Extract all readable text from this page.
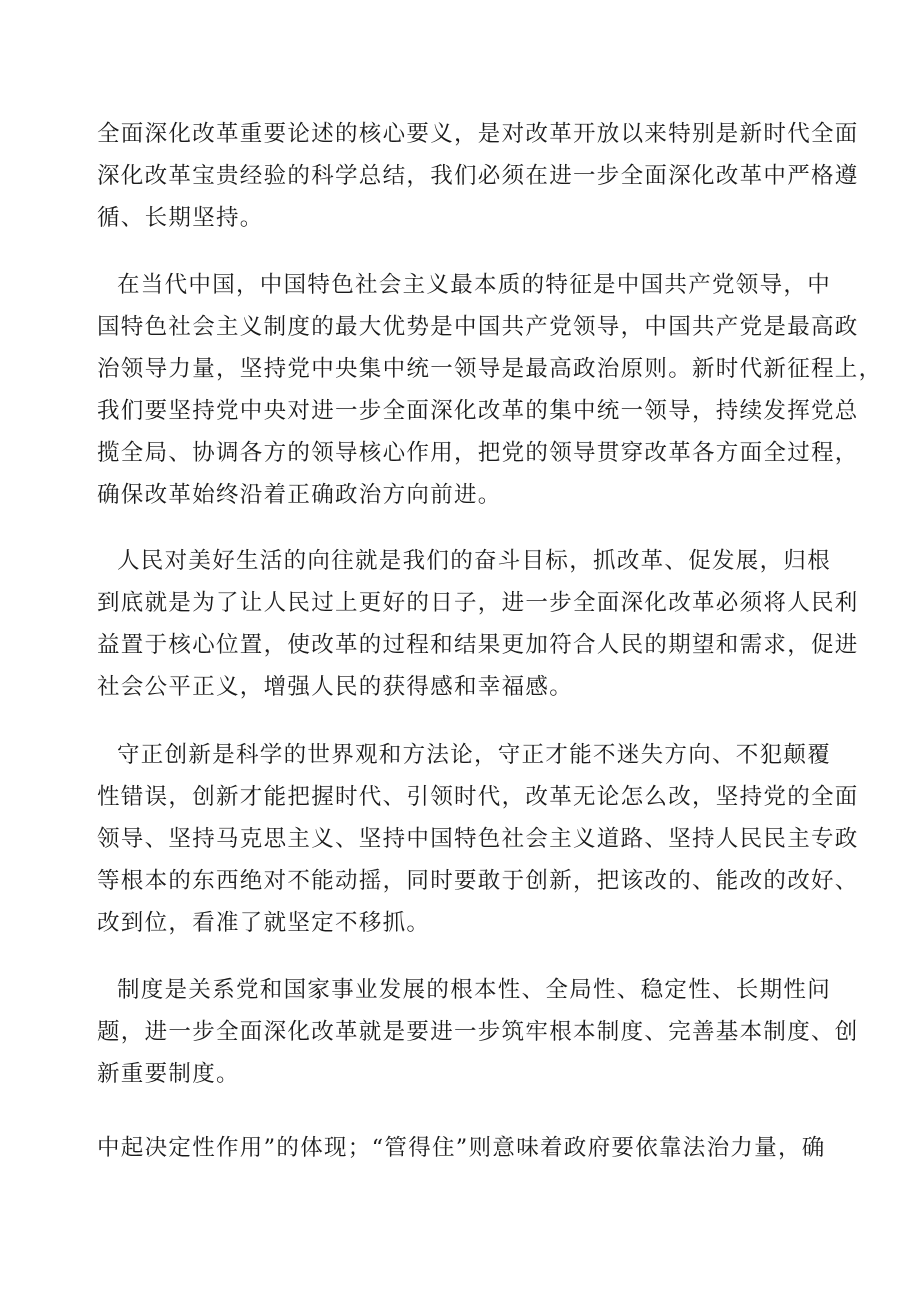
全面深化改革重要论述的核心要义，是对改革开放以来特别是新时代全面

深化改革宝贵经验的科学总结，我们必须在进一步全面深化改革中严格遵

循、长期坚持。

在当代中国，中国特色社会主义最本质的特征是中国共产党领导，中

国特色社会主义制度的最大优势是中国共产党领导，中国共产党是最高政

治领导力量，坚持党中央集中统一领导是最高政治原则。新时代新征程上，

我们要坚持党中央对进一步全面深化改革的集中统一领导，持续发挥党总

揽全局、协调各方的领导核心作用，把党的领导贯穿改革各方面全过程，

确保改革始终沿着正确政治方向前进。

人民对美好生活的向往就是我们的奋斗目标，抓改革、促发展，归根

到底就是为了让人民过上更好的日子，进一步全面深化改革必须将人民利

益置于核心位置，使改革的过程和结果更加符合人民的期望和需求，促进

社会公平正义，增强人民的获得感和幸福感。

守正创新是科学的世界观和方法论，守正才能不迷失方向、不犯颠覆

性错误，创新才能把握时代、引领时代，改革无论怎么改，坚持党的全面

领导、坚持马克思主义、坚持中国特色社会主义道路、坚持人民民主专政

等根本的东西绝对不能动摇，同时要敢于创新，把该改的、能改的改好、

改到位，看准了就坚定不移抓。

制度是关系党和国家事业发展的根本性、全局性、稳定性、长期性问

题，进一步全面深化改革就是要进一步筑牢根本制度、完善基本制度、创

新重要制度。

中起决定性作用”的体现；“管得住”则意味着政府要依靠法治力量，确
